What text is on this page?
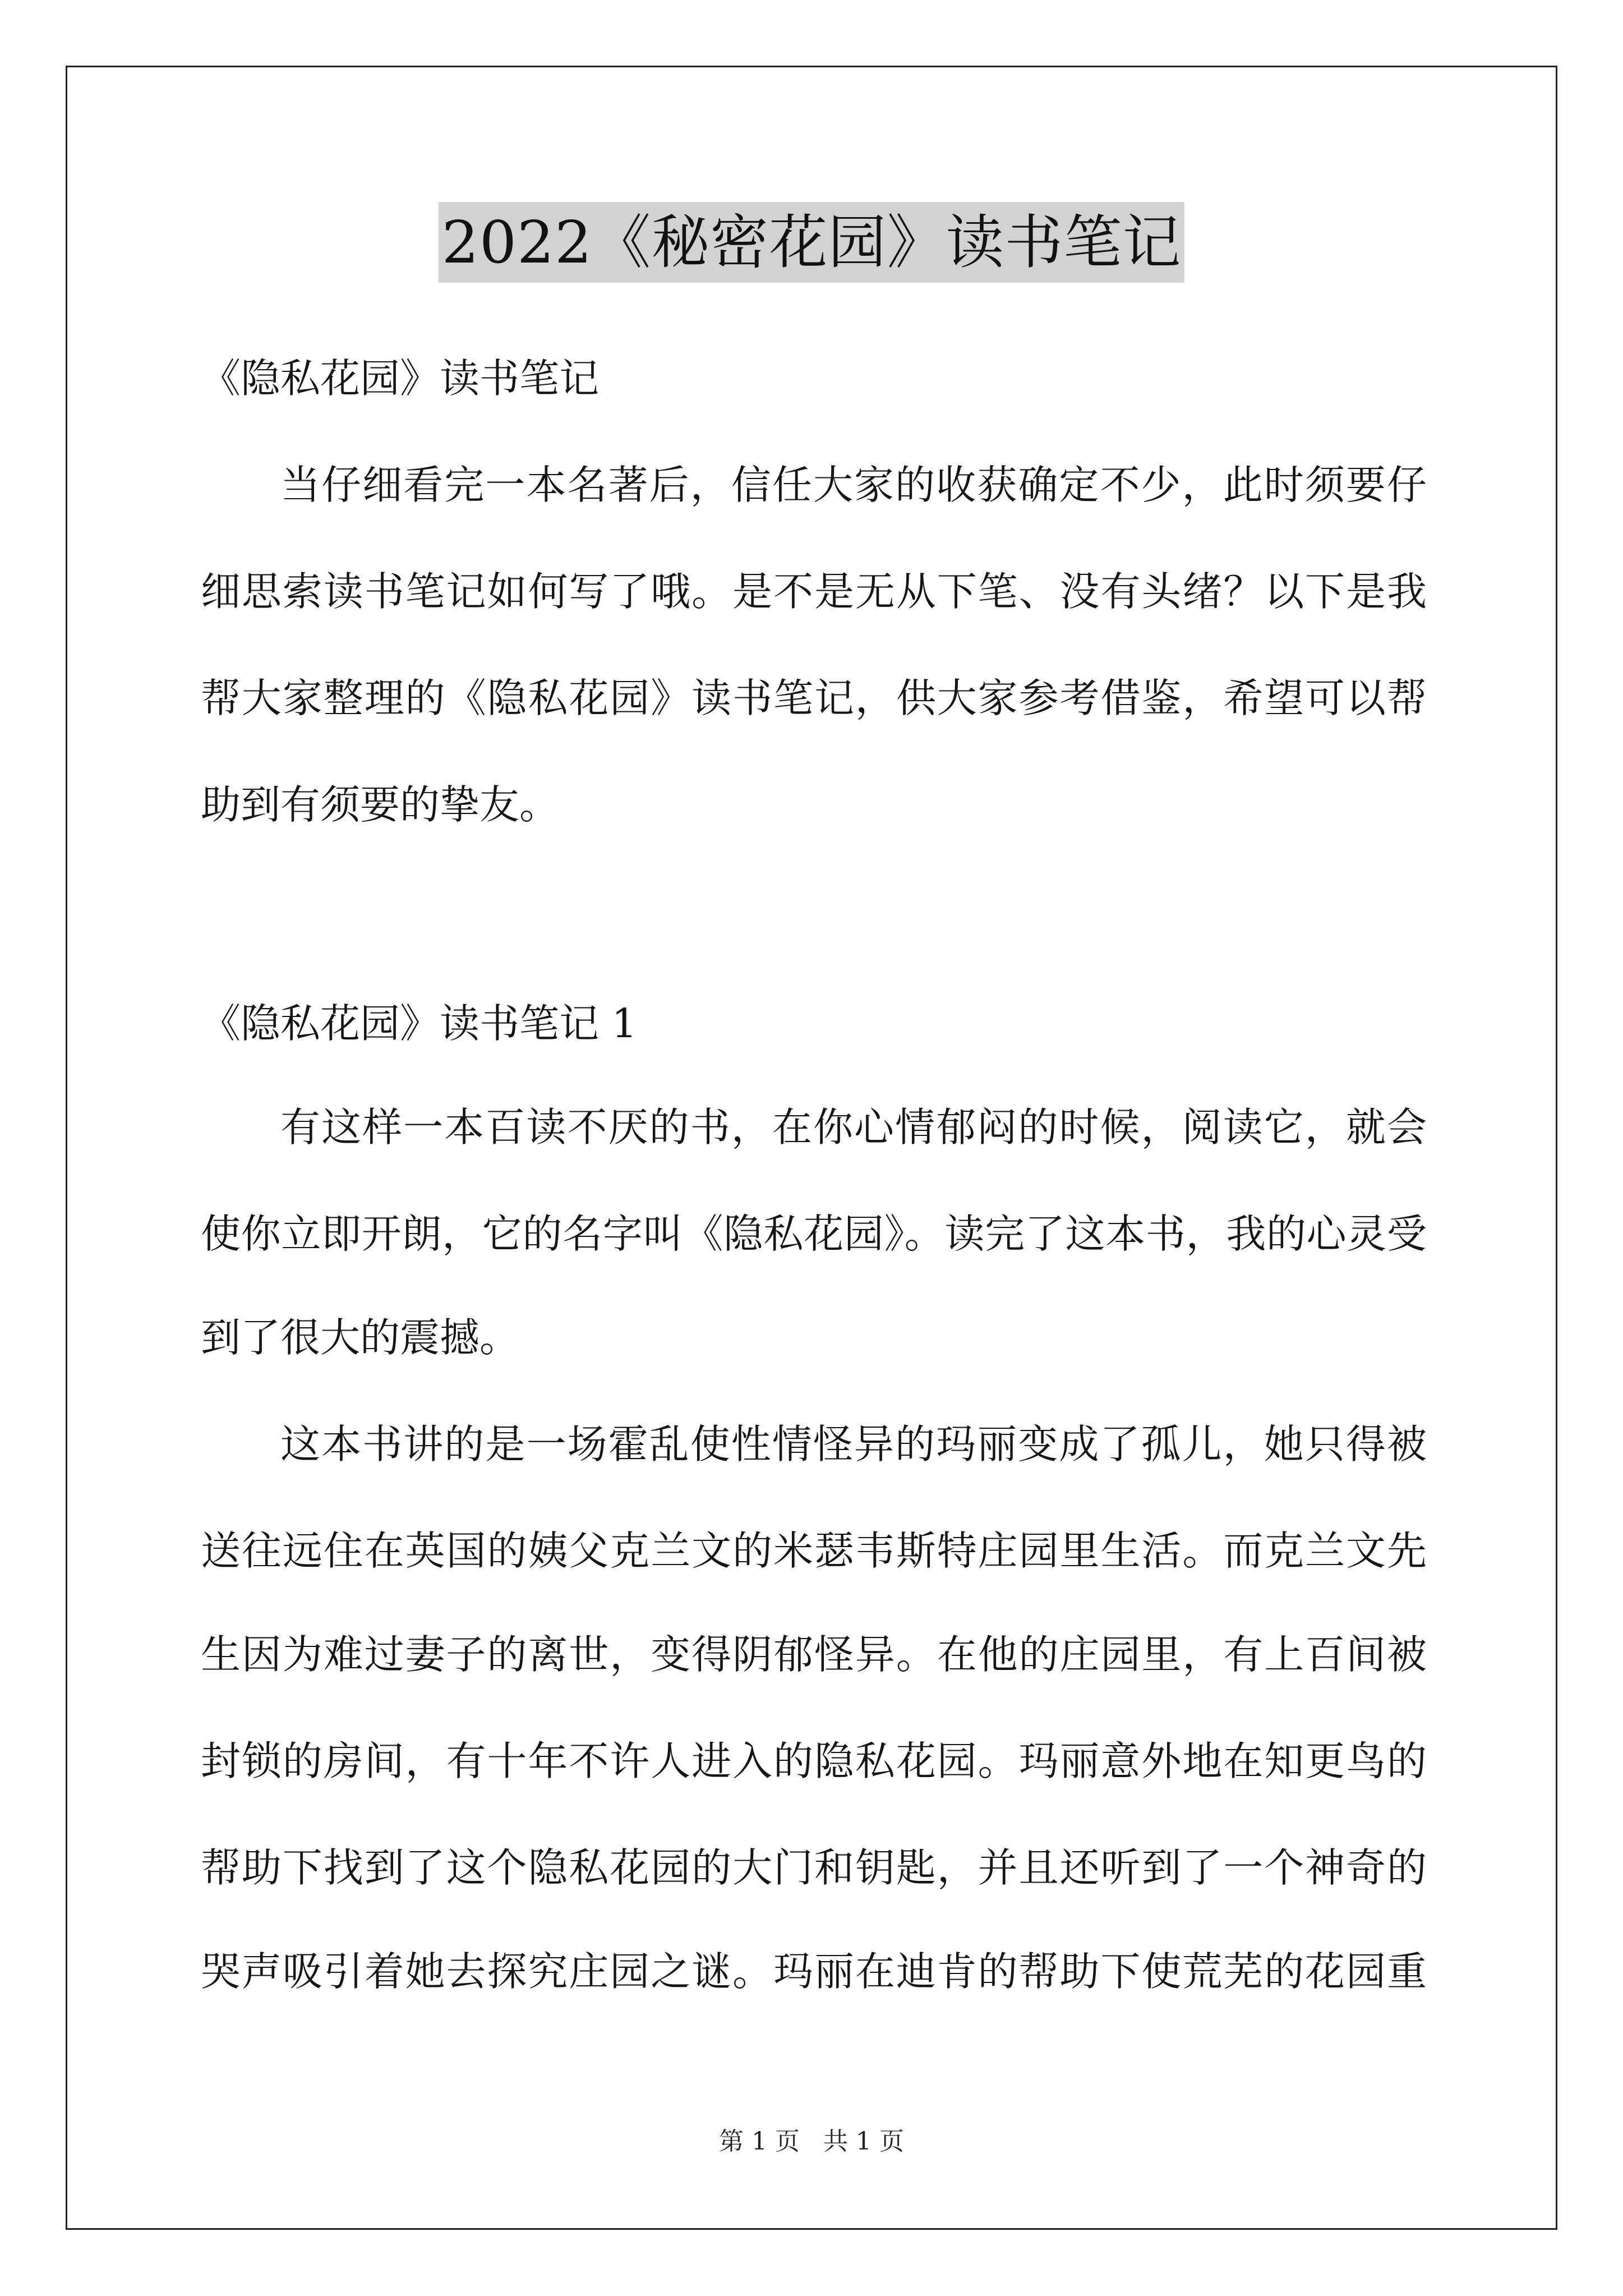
2022《秘密花园》读书笔记
《隐私花园》读书笔记
当仔细看完一本名著后，信任大家的收获确定不少，此时须要仔
细思索读书笔记如何写了哦。是不是无从下笔、没有头绪？以下是我
帮大家整理的《隐私花园》读书笔记，供大家参考借鉴，希望可以帮
助到有须要的挚友。
《隐私花园》读书笔记 1
有这样一本百读不厌的书，在你心情郁闷的时候，阅读它，就会
使你立即开朗，它的名字叫《隐私花园》。读完了这本书，我的心灵受
到了很大的震撼。
这本书讲的是一场霍乱使性情怪异的玛丽变成了孤儿，她只得被
送往远住在英国的姨父克兰文的米瑟韦斯特庄园里生活。而克兰文先
生因为难过妻子的离世，变得阴郁怪异。在他的庄园里，有上百间被
封锁的房间，有十年不许人进入的隐私花园。玛丽意外地在知更鸟的
帮助下找到了这个隐私花园的大门和钥匙，并且还听到了一个神奇的
哭声吸引着她去探究庄园之谜。玛丽在迪肯的帮助下使荒芜的花园重
第 1 页   共 1 页
